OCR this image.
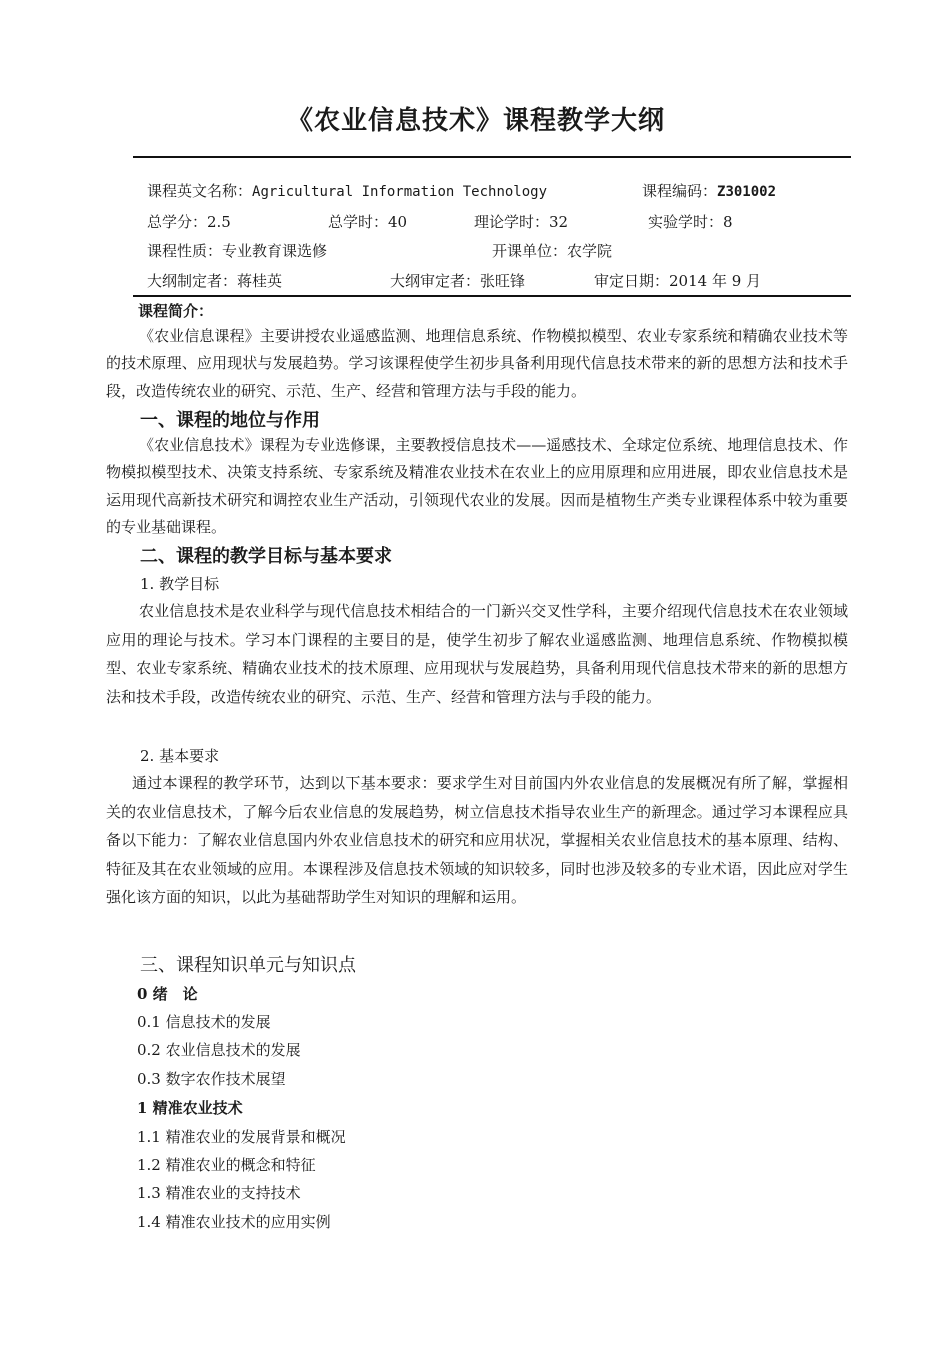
《农业信息技术》课程教学大纲
课程英文名称：Agricultural Information Technology	课程编码：Z301002
总学分：2.5	总学时：40	理论学时：32	实验学时：8
课程性质：专业教育课选修	开课单位：农学院
大纲制定者：蒋桂英	大纲审定者：张旺锋	审定日期：2014 年 9 月
课程简介：
《农业信息课程》主要讲授农业遥感监测、地理信息系统、作物模拟模型、农业专家系统和精确农业技术等的技术原理、应用现状与发展趋势。学习该课程使学生初步具备利用现代信息技术带来的新的思想方法和技术手段，改造传统农业的研究、示范、生产、经营和管理方法与手段的能力。
一、课程的地位与作用
《农业信息技术》课程为专业选修课，主要教授信息技术——遥感技术、全球定位系统、地理信息技术、作物模拟模型技术、决策支持系统、专家系统及精准农业技术在农业上的应用原理和应用进展，即农业信息技术是运用现代高新技术研究和调控农业生产活动，引领现代农业的发展。因而是植物生产类专业课程体系中较为重要的专业基础课程。
二、课程的教学目标与基本要求
1. 教学目标
农业信息技术是农业科学与现代信息技术相结合的一门新兴交叉性学科，主要介绍现代信息技术在农业领域应用的理论与技术。学习本门课程的主要目的是，使学生初步了解农业遥感监测、地理信息系统、作物模拟模型、农业专家系统、精确农业技术的技术原理、应用现状与发展趋势，具备利用现代信息技术带来的新的思想方法和技术手段，改造传统农业的研究、示范、生产、经营和管理方法与手段的能力。
2. 基本要求
通过本课程的教学环节，达到以下基本要求：要求学生对目前国内外农业信息的发展概况有所了解，掌握相关的农业信息技术，了解今后农业信息的发展趋势，树立信息技术指导农业生产的新理念。通过学习本课程应具备以下能力：了解农业信息国内外农业信息技术的研究和应用状况，掌握相关农业信息技术的基本原理、结构、特征及其在农业领域的应用。本课程涉及信息技术领域的知识较多，同时也涉及较多的专业术语，因此应对学生强化该方面的知识，以此为基础帮助学生对知识的理解和运用。
三、课程知识单元与知识点
0 绪　论
0.1 信息技术的发展
0.2 农业信息技术的发展
0.3 数字农作技术展望
1 精准农业技术
1.1 精准农业的发展背景和概况
1.2 精准农业的概念和特征
1.3 精准农业的支持技术
1.4 精准农业技术的应用实例
